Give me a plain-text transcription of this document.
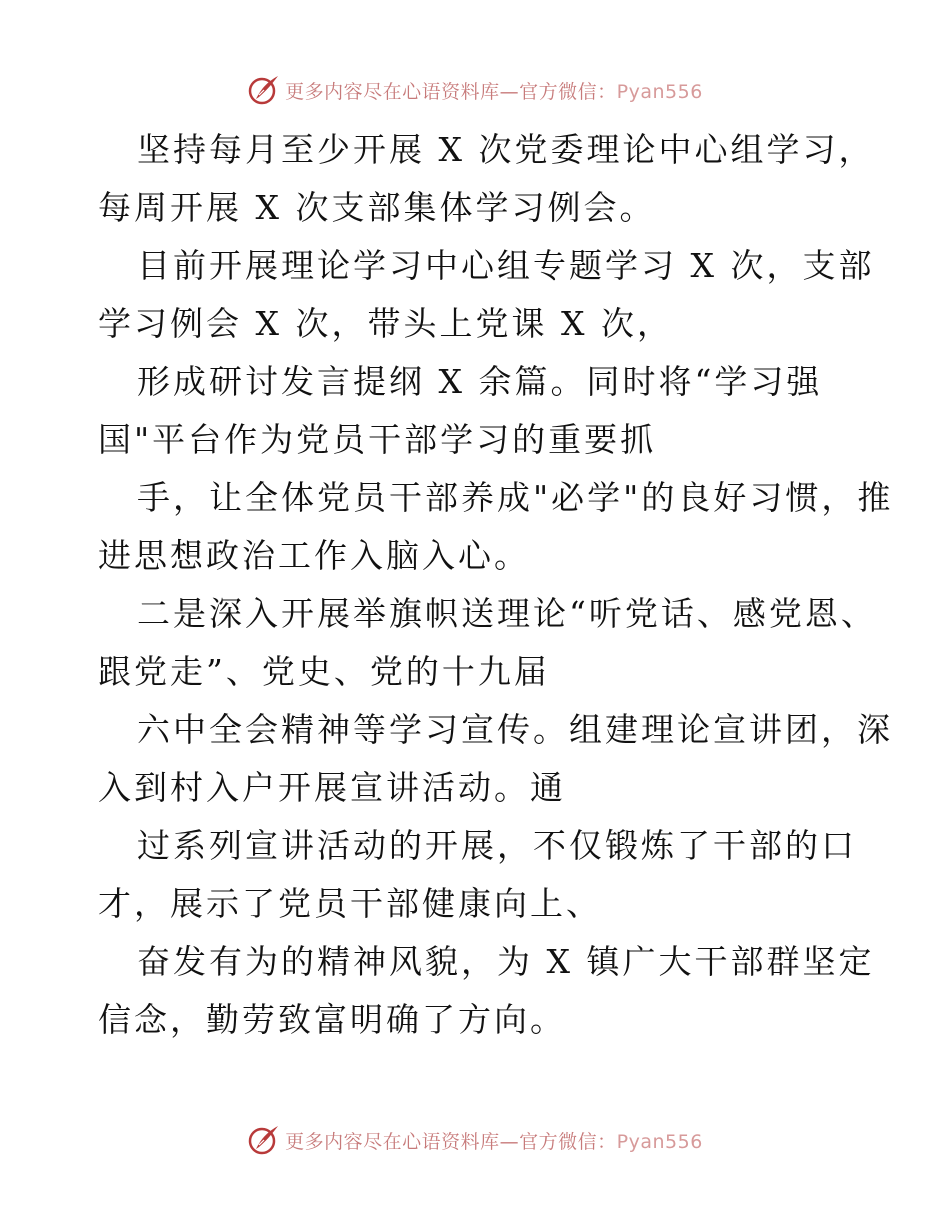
更多内容尽在心语资料库—官方微信：Pyan556
坚持每月至少开展 X 次党委理论中心组学习，
每周开展 X 次支部集体学习例会。
目前开展理论学习中心组专题学习 X 次，支部
学习例会 X 次，带头上党课 X 次，
形成研讨发言提纲 X 余篇。同时将“学习强
国"平台作为党员干部学习的重要抓
手，让全体党员干部养成"必学"的良好习惯，推
进思想政治工作入脑入心。
二是深入开展举旗帜送理论“听党话、感党恩、
跟党走”、党史、党的十九届
六中全会精神等学习宣传。组建理论宣讲团，深
入到村入户开展宣讲活动。通
过系列宣讲活动的开展，不仅锻炼了干部的口
才，展示了党员干部健康向上、
奋发有为的精神风貌，为 X 镇广大干部群坚定
信念，勤劳致富明确了方向。
更多内容尽在心语资料库—官方微信：Pyan556
